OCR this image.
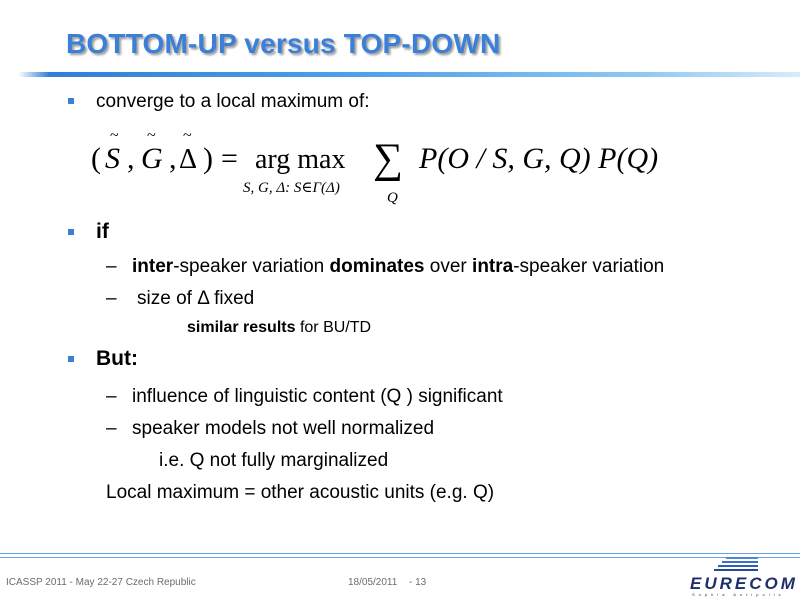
BOTTOM-UP versus TOP-DOWN
converge to a local maximum of:
( S
~
, G
~
, Δ
~
) = arg max
S, G, Δ: S∈Γ(Δ)
∑
Q
P(O / S, G, Q) P(Q)
if
– inter-speaker variation dominates over intra-speaker variation
– size of Δ fixed
similar results for BU/TD
But:
– influence of linguistic content (Q ) significant
– speaker models not well normalized
i.e. Q not fully marginalized
Local maximum = other acoustic units (e.g. Q)
ICASSP 2011 - May 22-27 Czech Republic	18/05/2011 - 13	EURECOM
Sophia Antipolis
